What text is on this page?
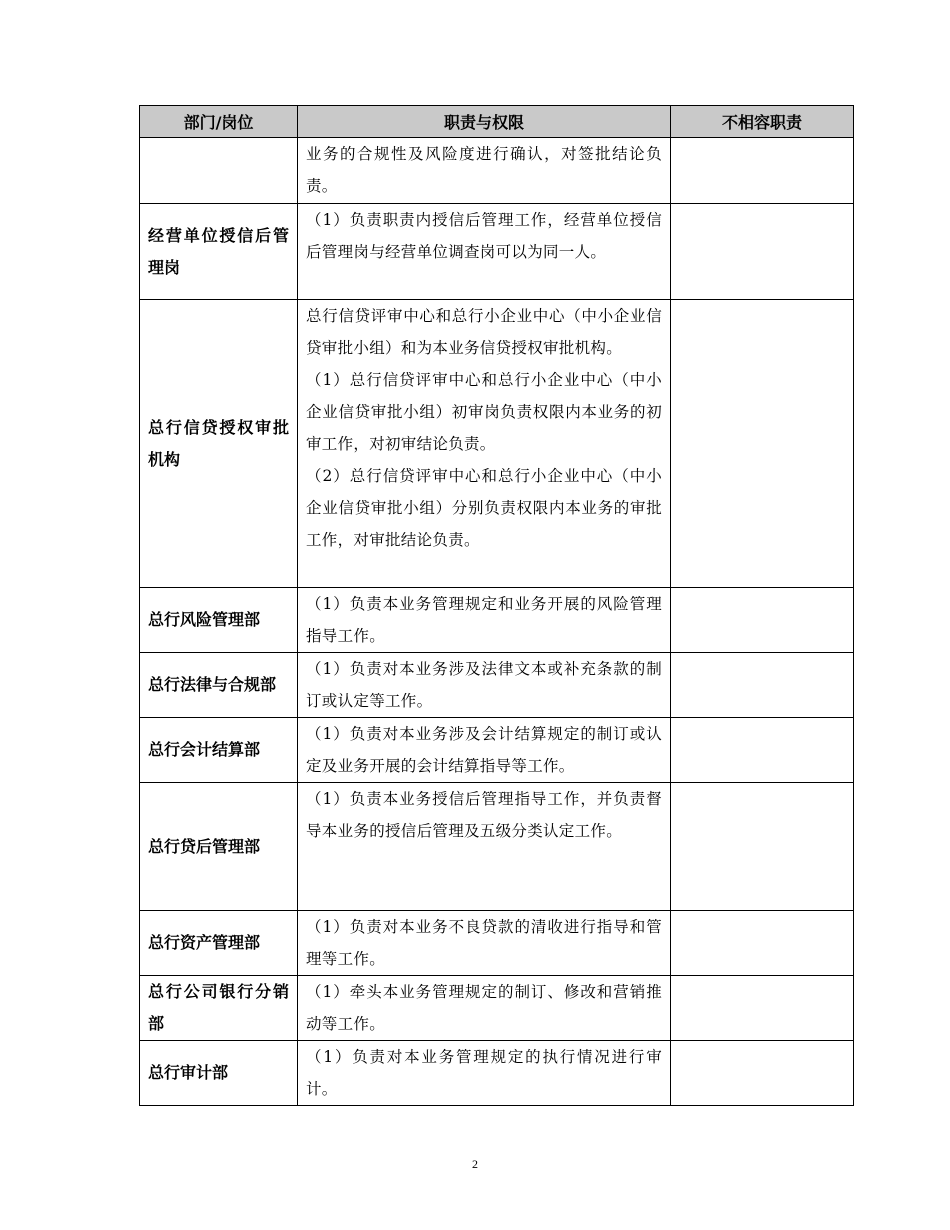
部门/岗位	职责与权限	不相容职责

	业务的合规性及风险度进行确认，对签批结论负责。	

经营单位授信后管理岗	（1）负责职责内授信后管理工作，经营单位授信后管理岗与经营单位调查岗可以为同一人。	

总行信贷授权审批机构	总行信贷评审中心和总行小企业中心（中小企业信贷审批小组）和为本业务信贷授权审批机构。

（1）总行信贷评审中心和总行小企业中心（中小企业信贷审批小组）初审岗负责权限内本业务的初审工作，对初审结论负责。

（2）总行信贷评审中心和总行小企业中心（中小企业信贷审批小组）分别负责权限内本业务的审批工作，对审批结论负责。	

总行风险管理部	（1）负责本业务管理规定和业务开展的风险管理指导工作。	

总行法律与合规部	（1）负责对本业务涉及法律文本或补充条款的制订或认定等工作。	

总行会计结算部	（1）负责对本业务涉及会计结算规定的制订或认定及业务开展的会计结算指导等工作。	

总行贷后管理部	（1）负责本业务授信后管理指导工作，并负责督导本业务的授信后管理及五级分类认定工作。	

总行资产管理部	（1）负责对本业务不良贷款的清收进行指导和管理等工作。	

总行公司银行分销部	（1）牵头本业务管理规定的制订、修改和营销推动等工作。	

总行审计部	（1）负责对本业务管理规定的执行情况进行审计。	

2
